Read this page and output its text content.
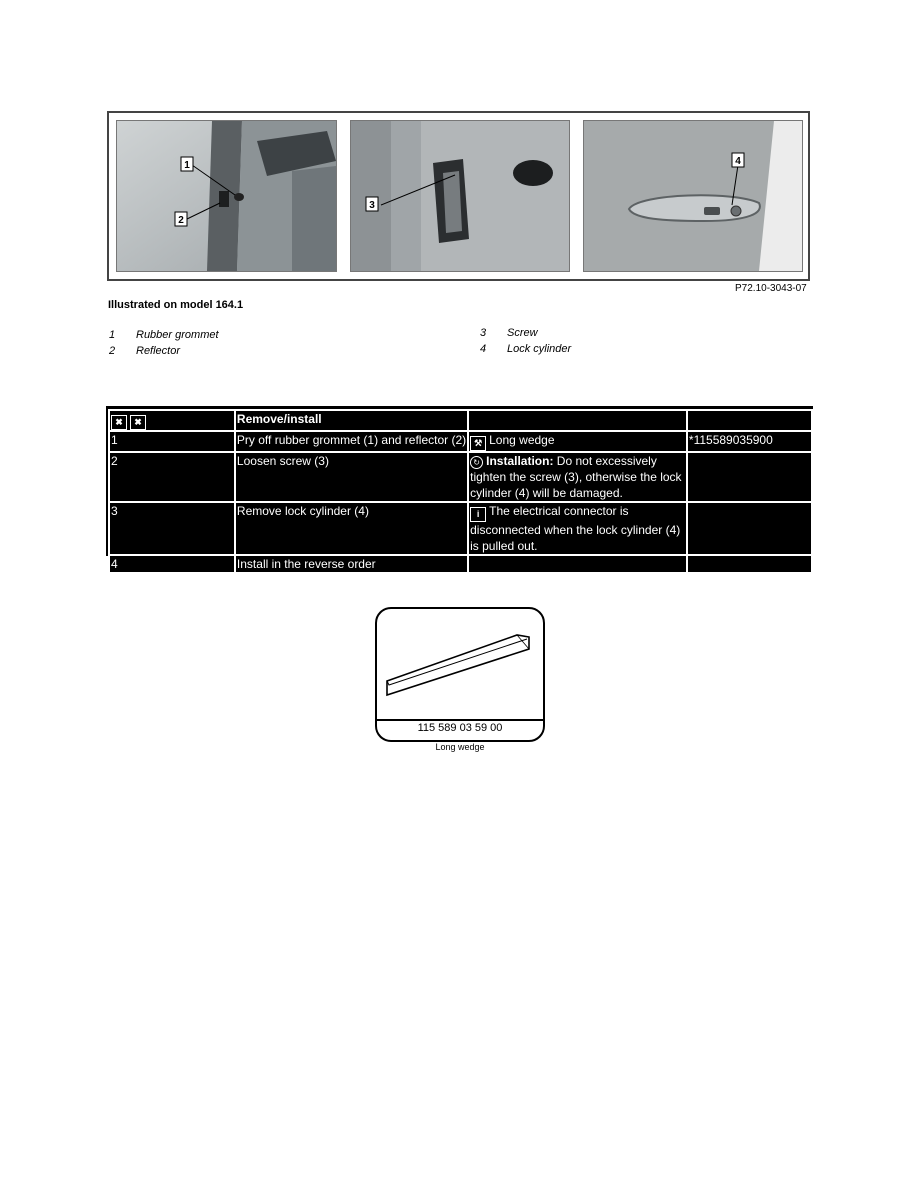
1
2
3
4
P72.10-3043-07
Illustrated on model 164.1
1 Rubber grommet
2 Reflector
3 Screw
4 Lock cylinder
✖ ✖	Remove/install		
1	Pry off rubber grommet (1) and reflector (2)	⚒ Long wedge	*115589035900
2	Loosen screw (3)	↻ Installation: Do not excessively tighten the screw (3), otherwise the lock cylinder (4) will be damaged.	
3	Remove lock cylinder (4)	i The electrical connector is disconnected when the lock cylinder (4) is pulled out.	
4	Install in the reverse order		
115 589 03 59 00
Long wedge
